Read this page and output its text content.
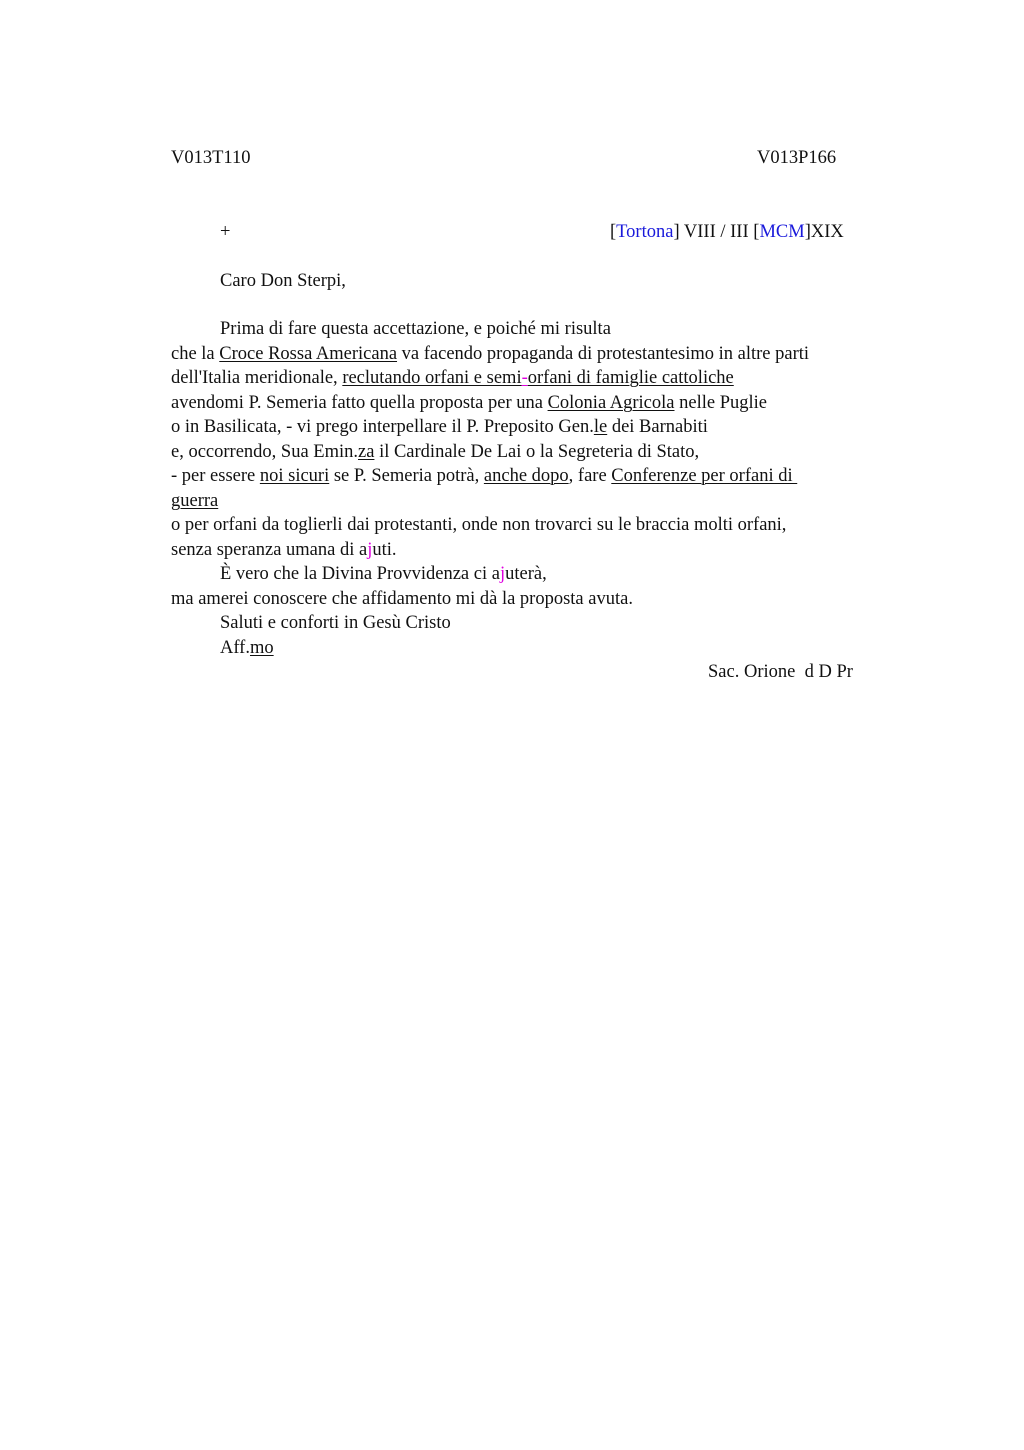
V013T110	V013P166
+	[Tortona] VIII / III [MCM]XIX
Caro Don Sterpi,
Prima di fare questa accettazione, e poiché mi risulta
che la Croce Rossa Americana va facendo propaganda di protestantesimo in altre parti
dell'Italia meridionale, reclutando orfani e semi-orfani di famiglie cattoliche
avendomi P. Semeria fatto quella proposta per una Colonia Agricola nelle Puglie
o in Basilicata, - vi prego interpellare il P. Preposito Gen.le dei Barnabiti
e, occorrendo, Sua Emin.za il Cardinale De Lai o la Segreteria di Stato,
- per essere noi sicuri se P. Semeria potrà, anche dopo, fare Conferenze per orfani di
guerra
o per orfani da toglierli dai protestanti, onde non trovarci su le braccia molti orfani,
senza speranza umana di ajuti.
È vero che la Divina Provvidenza ci ajuterà,
ma amerei conoscere che affidamento mi dà la proposta avuta.
Saluti e conforti in Gesù Cristo
Aff.mo
Sac. Orione  d D Pr
